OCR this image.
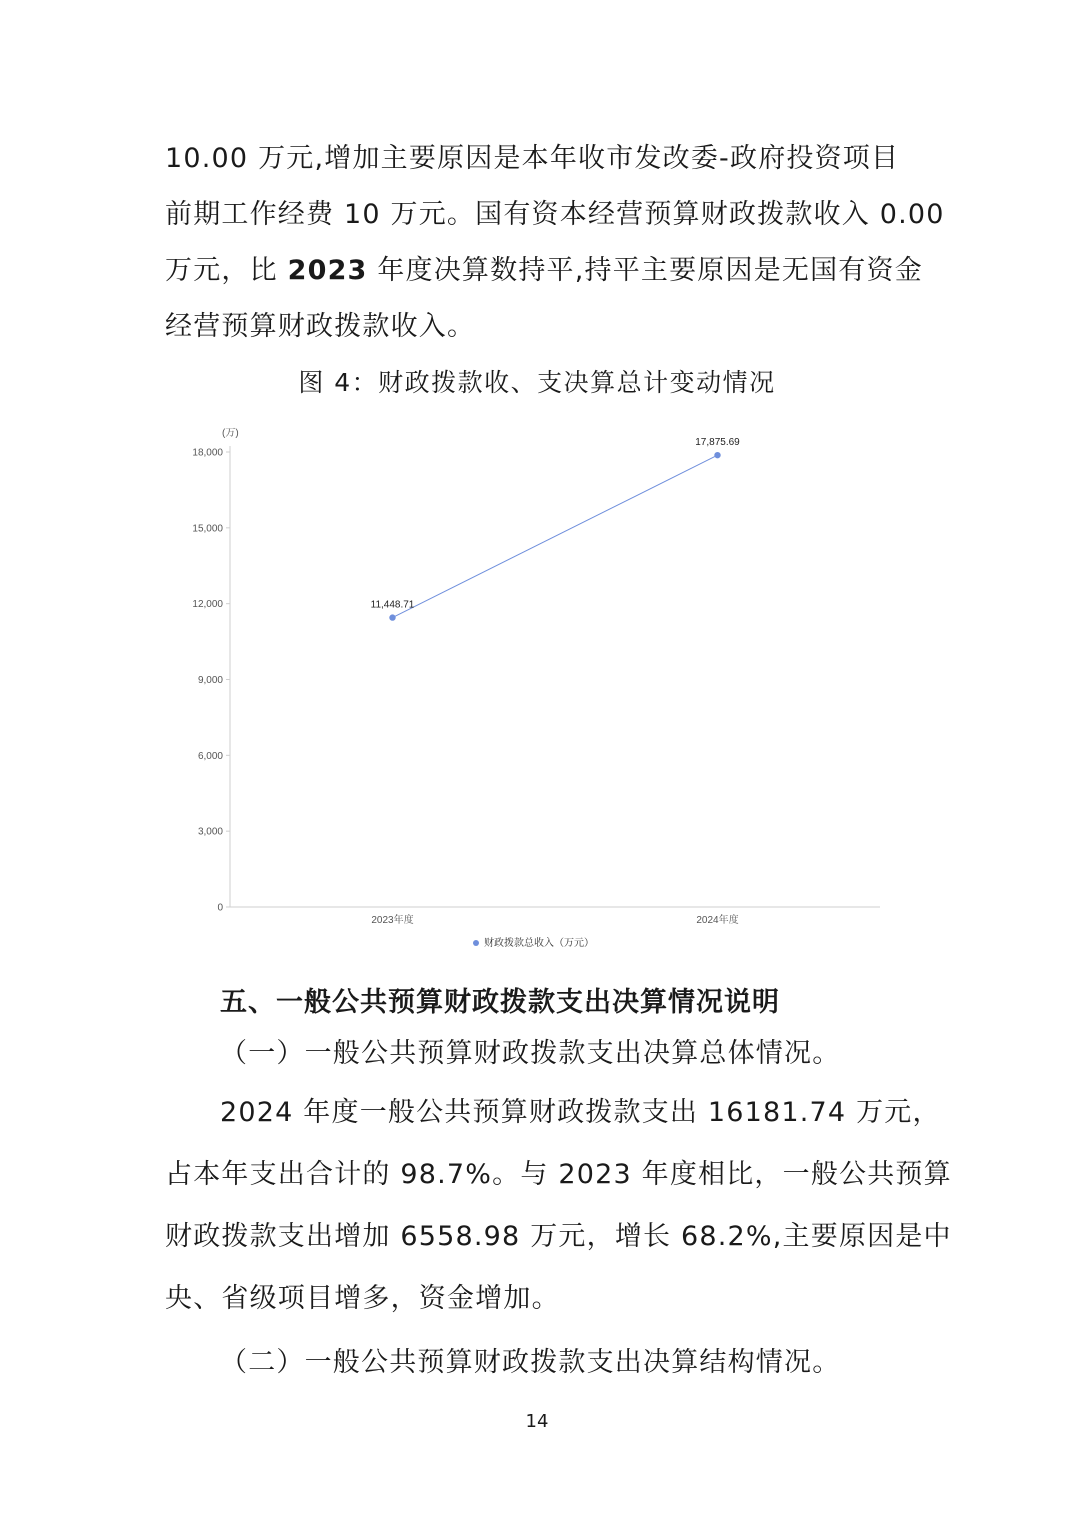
10.00 万元,增加主要原因是本年收市发改委-政府投资项目
前期工作经费 10 万元。国有资本经营预算财政拨款收入 0.00
万元，比 2023 年度决算数持平,持平主要原因是无国有资金
经营预算财政拨款收入。
图 4：财政拨款收、支决算总计变动情况
(万)
0
3,000
6,000
9,000
12,000
15,000
18,000
2023年度	2024年度
11,448.71
17,875.69
财政拨款总收入（万元）
五、一般公共预算财政拨款支出决算情况说明
（一）一般公共预算财政拨款支出决算总体情况。
2024 年度一般公共预算财政拨款支出 16181.74 万元，
占本年支出合计的 98.7%。与 2023 年度相比，一般公共预算
财政拨款支出增加 6558.98 万元，增长 68.2%,主要原因是中
央、省级项目增多，资金增加。
（二）一般公共预算财政拨款支出决算结构情况。
14
